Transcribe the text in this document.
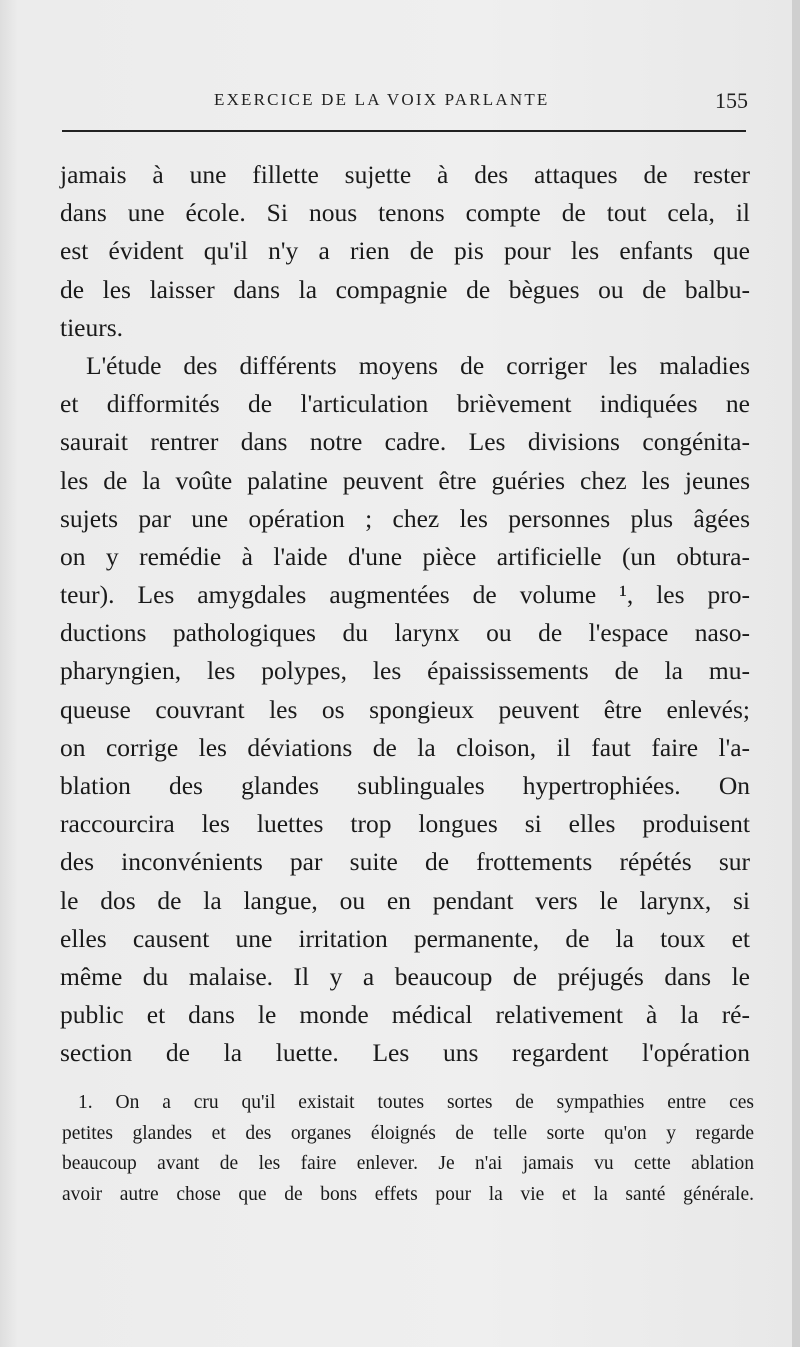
EXERCICE DE LA VOIX PARLANTE	155
jamais à une fillette sujette à des attaques de rester
dans une école. Si nous tenons compte de tout cela, il
est évident qu'il n'y a rien de pis pour les enfants que
de les laisser dans la compagnie de bègues ou de balbu-
tieurs.
L'étude des différents moyens de corriger les maladies
et difformités de l'articulation brièvement indiquées ne
saurait rentrer dans notre cadre. Les divisions congénita-
les de la voûte palatine peuvent être guéries chez les jeunes
sujets par une opération ; chez les personnes plus âgées
on y remédie à l'aide d'une pièce artificielle (un obtura-
teur). Les amygdales augmentées de volume ¹, les pro-
ductions pathologiques du larynx ou de l'espace naso-
pharyngien, les polypes, les épaississements de la mu-
queuse couvrant les os spongieux peuvent être enlevés;
on corrige les déviations de la cloison, il faut faire l'a-
blation des glandes sublinguales hypertrophiées. On
raccourcira les luettes trop longues si elles produisent
des inconvénients par suite de frottements répétés sur
le dos de la langue, ou en pendant vers le larynx, si
elles causent une irritation permanente, de la toux et
même du malaise. Il y a beaucoup de préjugés dans le
public et dans le monde médical relativement à la ré-
section de la luette. Les uns regardent l'opération
1. On a cru qu'il existait toutes sortes de sympathies entre ces
petites glandes et des organes éloignés de telle sorte qu'on y regarde
beaucoup avant de les faire enlever. Je n'ai jamais vu cette ablation
avoir autre chose que de bons effets pour la vie et la santé générale.
